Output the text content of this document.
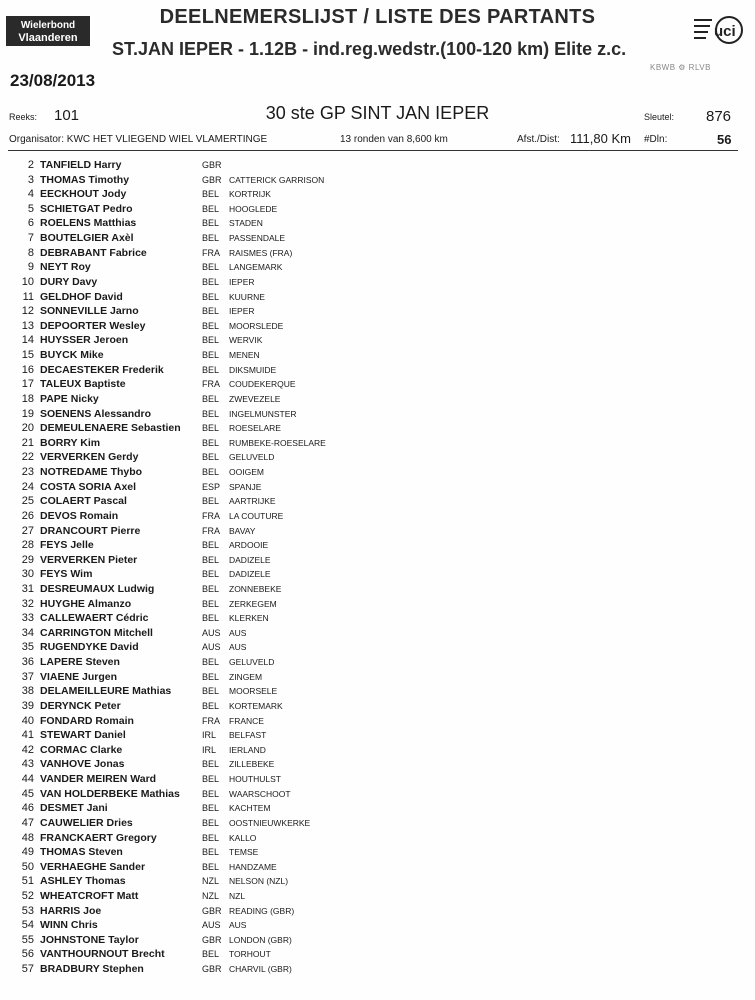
Wielerbond
Vlaanderen
DEELNEMERSLIJST / LISTE DES PARTANTS
ST.JAN IEPER - 1.12B - ind.reg.wedstr.(100-120 km) Elite z.c.
uci
KBWB ⚙ RLVB
23/08/2013
Reeks: 101	30 ste GP SINT JAN IEPER	Sleutel: 876
Organisator: KWC HET VLIEGEND WIEL VLAMERTINGE	13 ronden van 8,600 km	Afst./Dist: 111,80 Km #Dln:	56
2 TANFIELD Harry	GBR
3 THOMAS Timothy	GBR CATTERICK GARRISON
4 EECKHOUT Jody	BEL KORTRIJK
5 SCHIETGAT Pedro	BEL HOOGLEDE
6 ROELENS Matthias	BEL STADEN
7 BOUTELGIER Axèl	BEL PASSENDALE
8 DEBRABANT Fabrice	FRA RAISMES (FRA)
9 NEYT Roy	BEL LANGEMARK
10 DURY Davy	BEL IEPER
11 GELDHOF David	BEL KUURNE
12 SONNEVILLE Jarno	BEL IEPER
13 DEPOORTER Wesley	BEL MOORSLEDE
14 HUYSSER Jeroen	BEL WERVIK
15 BUYCK Mike	BEL MENEN
16 DECAESTEKER Frederik	BEL DIKSMUIDE
17 TALEUX Baptiste	FRA COUDEKERQUE
18 PAPE Nicky	BEL ZWEVEZELE
19 SOENENS Alessandro	BEL INGELMUNSTER
20 DEMEULENAERE Sebastien BEL ROESELARE
21 BORRY Kim	BEL RUMBEKE-ROESELARE
22 VERVERKEN Gerdy	BEL GELUVELD
23 NOTREDAME Thybo	BEL OOIGEM
24 COSTA SORIA Axel	ESP SPANJE
25 COLAERT Pascal	BEL AARTRIJKE
26 DEVOS Romain	FRA LA COUTURE
27 DRANCOURT Pierre	FRA BAVAY
28 FEYS Jelle	BEL ARDOOIE
29 VERVERKEN Pieter	BEL DADIZELE
30 FEYS Wim	BEL DADIZELE
31 DESREUMAUX Ludwig	BEL ZONNEBEKE
32 HUYGHE Almanzo	BEL ZERKEGEM
33 CALLEWAERT Cédric	BEL KLERKEN
34 CARRINGTON Mitchell	AUS AUS
35 RUGENDYKE David	AUS AUS
36 LAPERE Steven	BEL GELUVELD
37 VIAENE Jurgen	BEL ZINGEM
38 DELAMEILLEURE Mathias	BEL MOORSELE
39 DERYNCK Peter	BEL KORTEMARK
40 FONDARD Romain	FRA FRANCE
41 STEWART Daniel	IRL BELFAST
42 CORMAC Clarke	IRL IERLAND
43 VANHOVE Jonas	BEL ZILLEBEKE
44 VANDER MEIREN Ward	BEL HOUTHULST
45 VAN HOLDERBEKE Mathias BEL WAARSCHOOT
46 DESMET Jani	BEL KACHTEM
47 CAUWELIER Dries	BEL OOSTNIEUWKERKE
48 FRANCKAERT Gregory	BEL KALLO
49 THOMAS Steven	BEL TEMSE
50 VERHAEGHE Sander	BEL HANDZAME
51 ASHLEY Thomas	NZL NELSON (NZL)
52 WHEATCROFT Matt	NZL NZL
53 HARRIS Joe	GBR READING (GBR)
54 WINN Chris	AUS AUS
55 JOHNSTONE Taylor	GBR LONDON (GBR)
56 VANTHOURNOUT Brecht	BEL TORHOUT
57 BRADBURY Stephen	GBR CHARVIL (GBR)
